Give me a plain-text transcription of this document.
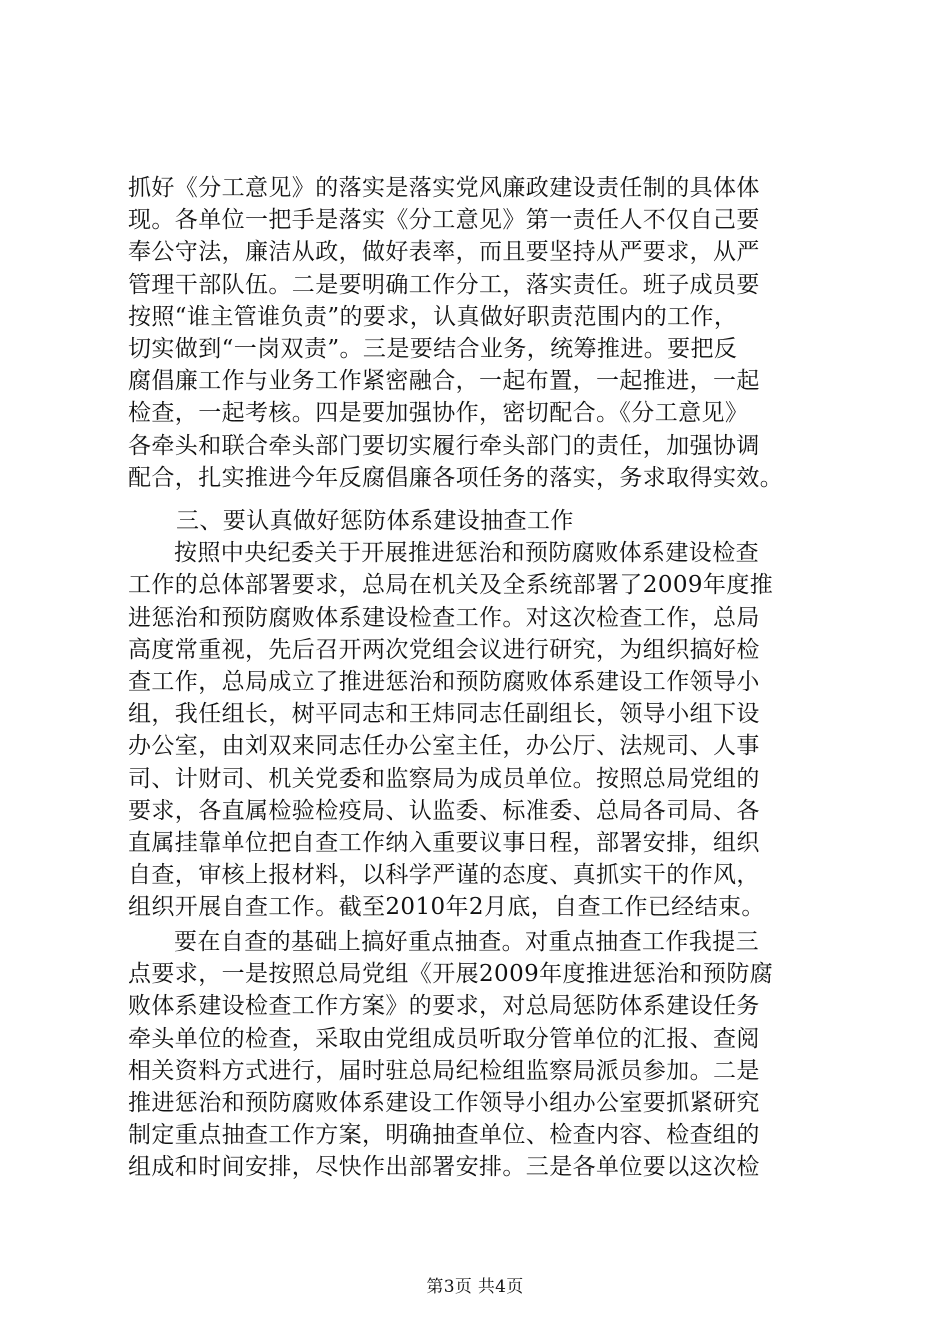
抓好《分工意见》的落实是落实党风廉政建设责任制的具体体
现。各单位一把手是落实《分工意见》第一责任人不仅自己要
奉公守法，廉洁从政，做好表率，而且要坚持从严要求，从严
管理干部队伍。二是要明确工作分工，落实责任。班子成员要
按照“谁主管谁负责”的要求，认真做好职责范围内的工作，
切实做到“一岗双责”。三是要结合业务，统筹推进。要把反
腐倡廉工作与业务工作紧密融合，一起布置，一起推进，一起
检查，一起考核。四是要加强协作，密切配合。《分工意见》
各牵头和联合牵头部门要切实履行牵头部门的责任，加强协调
配合，扎实推进今年反腐倡廉各项任务的落实，务求取得实效。
三、要认真做好惩防体系建设抽查工作
按照中央纪委关于开展推进惩治和预防腐败体系建设检查
工作的总体部署要求，总局在机关及全系统部署了2009年度推
进惩治和预防腐败体系建设检查工作。对这次检查工作，总局
高度常重视，先后召开两次党组会议进行研究，为组织搞好检
查工作，总局成立了推进惩治和预防腐败体系建设工作领导小
组，我任组长，树平同志和王炜同志任副组长，领导小组下设
办公室，由刘双来同志任办公室主任，办公厅、法规司、人事
司、计财司、机关党委和监察局为成员单位。按照总局党组的
要求，各直属检验检疫局、认监委、标准委、总局各司局、各
直属挂靠单位把自查工作纳入重要议事日程，部署安排，组织
自查，审核上报材料，以科学严谨的态度、真抓实干的作风，
组织开展自查工作。截至2010年2月底，自查工作已经结束。
要在自查的基础上搞好重点抽查。对重点抽查工作我提三
点要求，一是按照总局党组《开展2009年度推进惩治和预防腐
败体系建设检查工作方案》的要求，对总局惩防体系建设任务
牵头单位的检查，采取由党组成员听取分管单位的汇报、查阅
相关资料方式进行，届时驻总局纪检组监察局派员参加。二是
推进惩治和预防腐败体系建设工作领导小组办公室要抓紧研究
制定重点抽查工作方案，明确抽查单位、检查内容、检查组的
组成和时间安排，尽快作出部署安排。三是各单位要以这次检
第3页 共4页
